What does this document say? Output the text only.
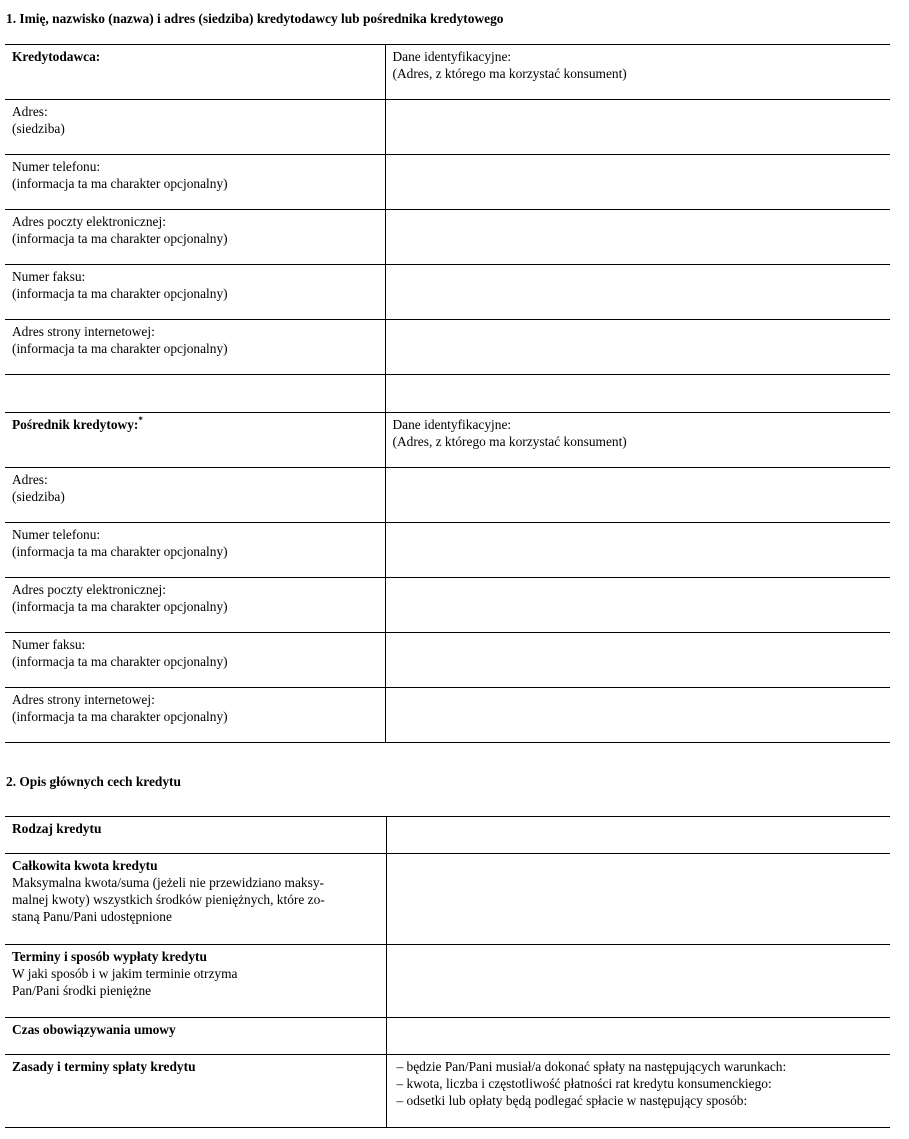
1. Imię, nazwisko (nazwa) i adres (siedziba) kredytodawcy lub pośrednika kredytowego
Kredytodawca:	Dane identyfikacyjne:
(Adres, z którego ma korzystać konsument)

Adres:
(siedziba)	

Numer telefonu:
(informacja ta ma charakter opcjonalny)	

Adres poczty elektronicznej:
(informacja ta ma charakter opcjonalny)	

Numer faksu:
(informacja ta ma charakter opcjonalny)	

Adres strony internetowej:
(informacja ta ma charakter opcjonalny)	

Pośrednik kredytowy:*	Dane identyfikacyjne:
(Adres, z którego ma korzystać konsument)

Adres:
(siedziba)	

Numer telefonu:
(informacja ta ma charakter opcjonalny)	

Adres poczty elektronicznej:
(informacja ta ma charakter opcjonalny)	

Numer faksu:
(informacja ta ma charakter opcjonalny)	

Adres strony internetowej:
(informacja ta ma charakter opcjonalny)	

2. Opis głównych cech kredytu
Rodzaj kredytu	

Całkowita kwota kredytu
Maksymalna kwota/suma (jeżeli nie przewidziano maksy-
malnej kwoty) wszystkich środków pieniężnych, które zo-
staną Panu/Pani udostępnione	

Terminy i sposób wypłaty kredytu
W jaki sposób i w jakim terminie otrzyma
Pan/Pani środki pieniężne	

Czas obowiązywania umowy	
Zasady i terminy spłaty kredytu	– będzie Pan/Pani musiał/a dokonać spłaty na następujących warunkach:
– kwota, liczba i częstotliwość płatności rat kredytu konsumenckiego:
– odsetki lub opłaty będą podlegać spłacie w następujący sposób:
